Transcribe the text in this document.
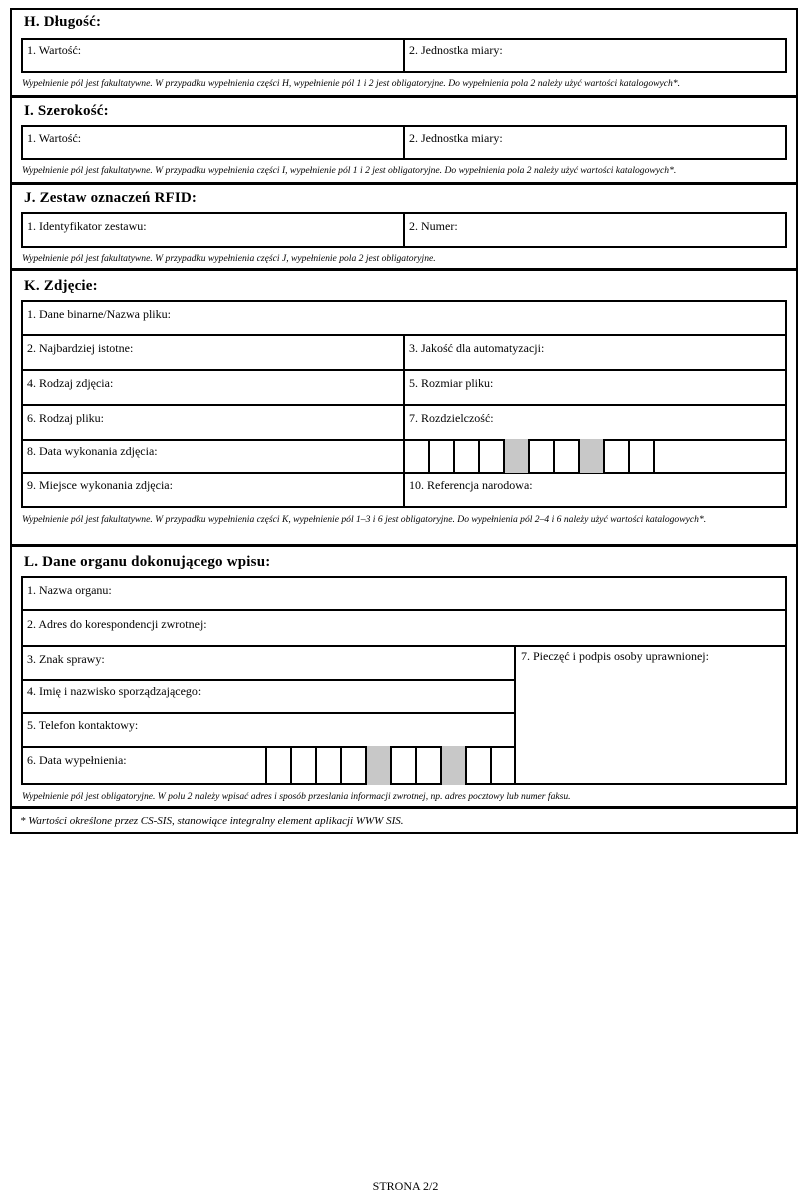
H. Długość:
1. Wartość:	2. Jednostka miary:
Wypełnienie pól jest fakultatywne. W przypadku wypełnienia części H, wypełnienie pól 1 i 2 jest obligatoryjne. Do wypełnienia pola 2 należy użyć wartości katalogowych*.
I. Szerokość:
1. Wartość:	2. Jednostka miary:
Wypełnienie pól jest fakultatywne. W przypadku wypełnienia części I, wypełnienie pól 1 i 2 jest obligatoryjne. Do wypełnienia pola 2 należy użyć wartości katalogowych*.
J. Zestaw oznaczeń RFID:
1. Identyfikator zestawu:	2. Numer:
Wypełnienie pól jest fakultatywne. W przypadku wypełnienia części J, wypełnienie pola 2 jest obligatoryjne.
K. Zdjęcie:
1. Dane binarne/Nazwa pliku:
2. Najbardziej istotne:	3. Jakość dla automatyzacji:
4. Rodzaj zdjęcia:	5. Rozmiar pliku:
6. Rodzaj pliku:	7. Rozdzielczość:
8. Data wykonania zdjęcia:
9. Miejsce wykonania zdjęcia:	10. Referencja narodowa:
Wypełnienie pól jest fakultatywne. W przypadku wypełnienia części K, wypełnienie pól 1–3 i 6 jest obligatoryjne. Do wypełnienia pól 2–4 i 6 należy użyć wartości katalogowych*.
L. Dane organu dokonującego wpisu:
1. Nazwa organu:
2. Adres do korespondencji zwrotnej:
3. Znak sprawy:	7. Pieczęć i podpis osoby uprawnionej:
4. Imię i nazwisko sporządzającego:
5. Telefon kontaktowy:
6. Data wypełnienia:
Wypełnienie pól jest obligatoryjne. W polu 2 należy wpisać adres i sposób przeslania informacji zwrotnej, np. adres pocztowy lub numer faksu.
* Wartości określone przez CS-SIS, stanowiące integralny element aplikacji WWW SIS.
STRONA 2/2
